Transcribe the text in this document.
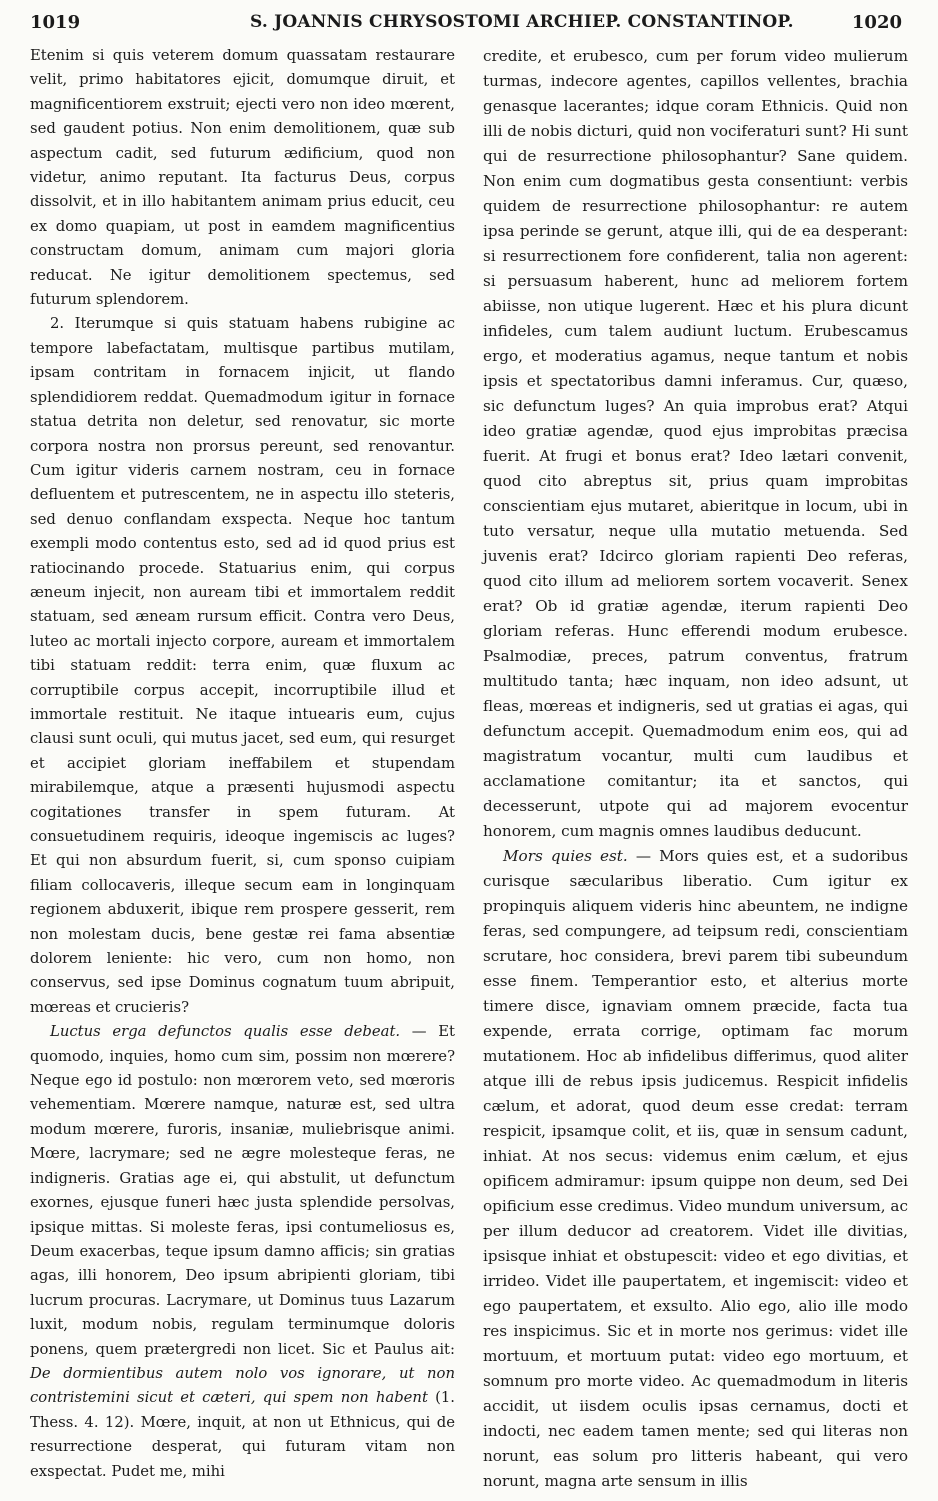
1019	S. JOANNIS CHRYSOSTOMI ARCHIEP. CONSTANTINOP.	1020

Etenim si quis veterem domum quassatam restaurare velit, primo habitatores ejicit, domumque diruit, et magnificentiorem exstruit; ejecti vero non ideo mœrent, sed gaudent potius. Non enim demolitionem, quæ sub aspectum cadit, sed futurum ædificium, quod non videtur, animo reputant. Ita facturus Deus, corpus dissolvit, et in illo habitantem animam prius educit, ceu ex domo quapiam, ut post in eamdem magnificentius constructam domum, animam cum majori gloria reducat. Ne igitur demolitionem spectemus, sed futurum splendorem.

2. Iterumque si quis statuam habens rubigine ac tempore labefactatam, multisque partibus mutilam, ipsam contritam in fornacem injicit, ut flando splendidiorem reddat. Quemadmodum igitur in fornace statua detrita non deletur, sed renovatur, sic morte corpora nostra non prorsus pereunt, sed renovantur. Cum igitur videris carnem nostram, ceu in fornace defluentem et putrescentem, ne in aspectu illo steteris, sed denuo conflandam exspecta. Neque hoc tantum exempli modo contentus esto, sed ad id quod prius est ratiocinando procede. Statuarius enim, qui corpus æneum injecit, non auream tibi et immortalem reddit statuam, sed æneam rursum efficit. Contra vero Deus, luteo ac mortali injecto corpore, auream et immortalem tibi statuam reddit: terra enim, quæ fluxum ac corruptibile corpus accepit, incorruptibile illud et immortale restituit. Ne itaque intuearis eum, cujus clausi sunt oculi, qui mutus jacet, sed eum, qui resurget et accipiet gloriam ineffabilem et stupendam mirabilemque, atque a præsenti hujusmodi aspectu cogitationes transfer in spem futuram. At consuetudinem requiris, ideoque ingemiscis ac luges? Et qui non absurdum fuerit, si, cum sponso cuipiam filiam collocaveris, illeque secum eam in longinquam regionem abduxerit, ibique rem prospere gesserit, rem non molestam ducis, bene gestæ rei fama absentiæ dolorem leniente: hic vero, cum non homo, non conservus, sed ipse Dominus cognatum tuum abripuit, mœreas et crucieris?

Luctus erga defunctos qualis esse debeat. — Et quomodo, inquies, homo cum sim, possim non mœrere? Neque ego id postulo: non mœrorem veto, sed mœroris vehementiam. Mœrere namque, naturæ est, sed ultra modum mœrere, furoris, insaniæ, muliebrisque animi. Mœre, lacrymare; sed ne ægre molesteque feras, ne indigneris. Gratias age ei, qui abstulit, ut defunctum exornes, ejusque funeri hæc justa splendide persolvas, ipsique mittas. Si moleste feras, ipsi contumeliosus es, Deum exacerbas, teque ipsum damno afficis; sin gratias agas, illi honorem, Deo ipsum abripienti gloriam, tibi lucrum procuras. Lacrymare, ut Dominus tuus Lazarum luxit, modum nobis, regulam terminumque doloris ponens, quem prætergredi non licet. Sic et Paulus ait: De dormientibus autem nolo vos ignorare, ut non contristemini sicut et cæteri, qui spem non habent (1. Thess. 4. 12). Mœre, inquit, at non ut Ethnicus, qui de resurrectione desperat, qui futuram vitam non exspectat. Pudet me, mihi

credite, et erubesco, cum per forum video mulierum turmas, indecore agentes, capillos vellentes, brachia genasque lacerantes; idque coram Ethnicis. Quid non illi de nobis dicturi, quid non vociferaturi sunt? Hi sunt qui de resurrectione philosophantur? Sane quidem. Non enim cum dogmatibus gesta consentiunt: verbis quidem de resurrectione philosophantur: re autem ipsa perinde se gerunt, atque illi, qui de ea desperant: si resurrectionem fore confiderent, talia non agerent: si persuasum haberent, hunc ad meliorem fortem abiisse, non utique lugerent. Hæc et his plura dicunt infideles, cum talem audiunt luctum. Erubescamus ergo, et moderatius agamus, neque tantum et nobis ipsis et spectatoribus damni inferamus. Cur, quæso, sic defunctum luges? An quia improbus erat? Atqui ideo gratiæ agendæ, quod ejus improbitas præcisa fuerit. At frugi et bonus erat? Ideo lætari convenit, quod cito abreptus sit, prius quam improbitas conscientiam ejus mutaret, abieritque in locum, ubi in tuto versatur, neque ulla mutatio metuenda. Sed juvenis erat? Idcirco gloriam rapienti Deo referas, quod cito illum ad meliorem sortem vocaverit. Senex erat? Ob id gratiæ agendæ, iterum rapienti Deo gloriam referas. Hunc efferendi modum erubesce. Psalmodiæ, preces, patrum conventus, fratrum multitudo tanta; hæc inquam, non ideo adsunt, ut fleas, mœreas et indigneris, sed ut gratias ei agas, qui defunctum accepit. Quemadmodum enim eos, qui ad magistratum vocantur, multi cum laudibus et acclamatione comitantur; ita et sanctos, qui decesserunt, utpote qui ad majorem evocentur honorem, cum magnis omnes laudibus deducunt.

Mors quies est. — Mors quies est, et a sudoribus curisque sæcularibus liberatio. Cum igitur ex propinquis aliquem videris hinc abeuntem, ne indigne feras, sed compungere, ad teipsum redi, conscientiam scrutare, hoc considera, brevi parem tibi subeundum esse finem. Temperantior esto, et alterius morte timere disce, ignaviam omnem præcide, facta tua expende, errata corrige, optimam fac morum mutationem. Hoc ab infidelibus differimus, quod aliter atque illi de rebus ipsis judicemus. Respicit infidelis cælum, et adorat, quod deum esse credat: terram respicit, ipsamque colit, et iis, quæ in sensum cadunt, inhiat. At nos secus: videmus enim cælum, et ejus opificem admiramur: ipsum quippe non deum, sed Dei opificium esse credimus. Video mundum universum, ac per illum deducor ad creatorem. Videt ille divitias, ipsisque inhiat et obstupescit: video et ego divitias, et irrideo. Videt ille paupertatem, et ingemiscit: video et ego paupertatem, et exsulto. Alio ego, alio ille modo res inspicimus. Sic et in morte nos gerimus: videt ille mortuum, et mortuum putat: video ego mortuum, et somnum pro morte video. Ac quemadmodum in literis accidit, ut iisdem oculis ipsas cernamus, docti et indocti, nec eadem tamen mente; sed qui literas non norunt, eas solum pro litteris habeant, qui vero norunt, magna arte sensum in illis
